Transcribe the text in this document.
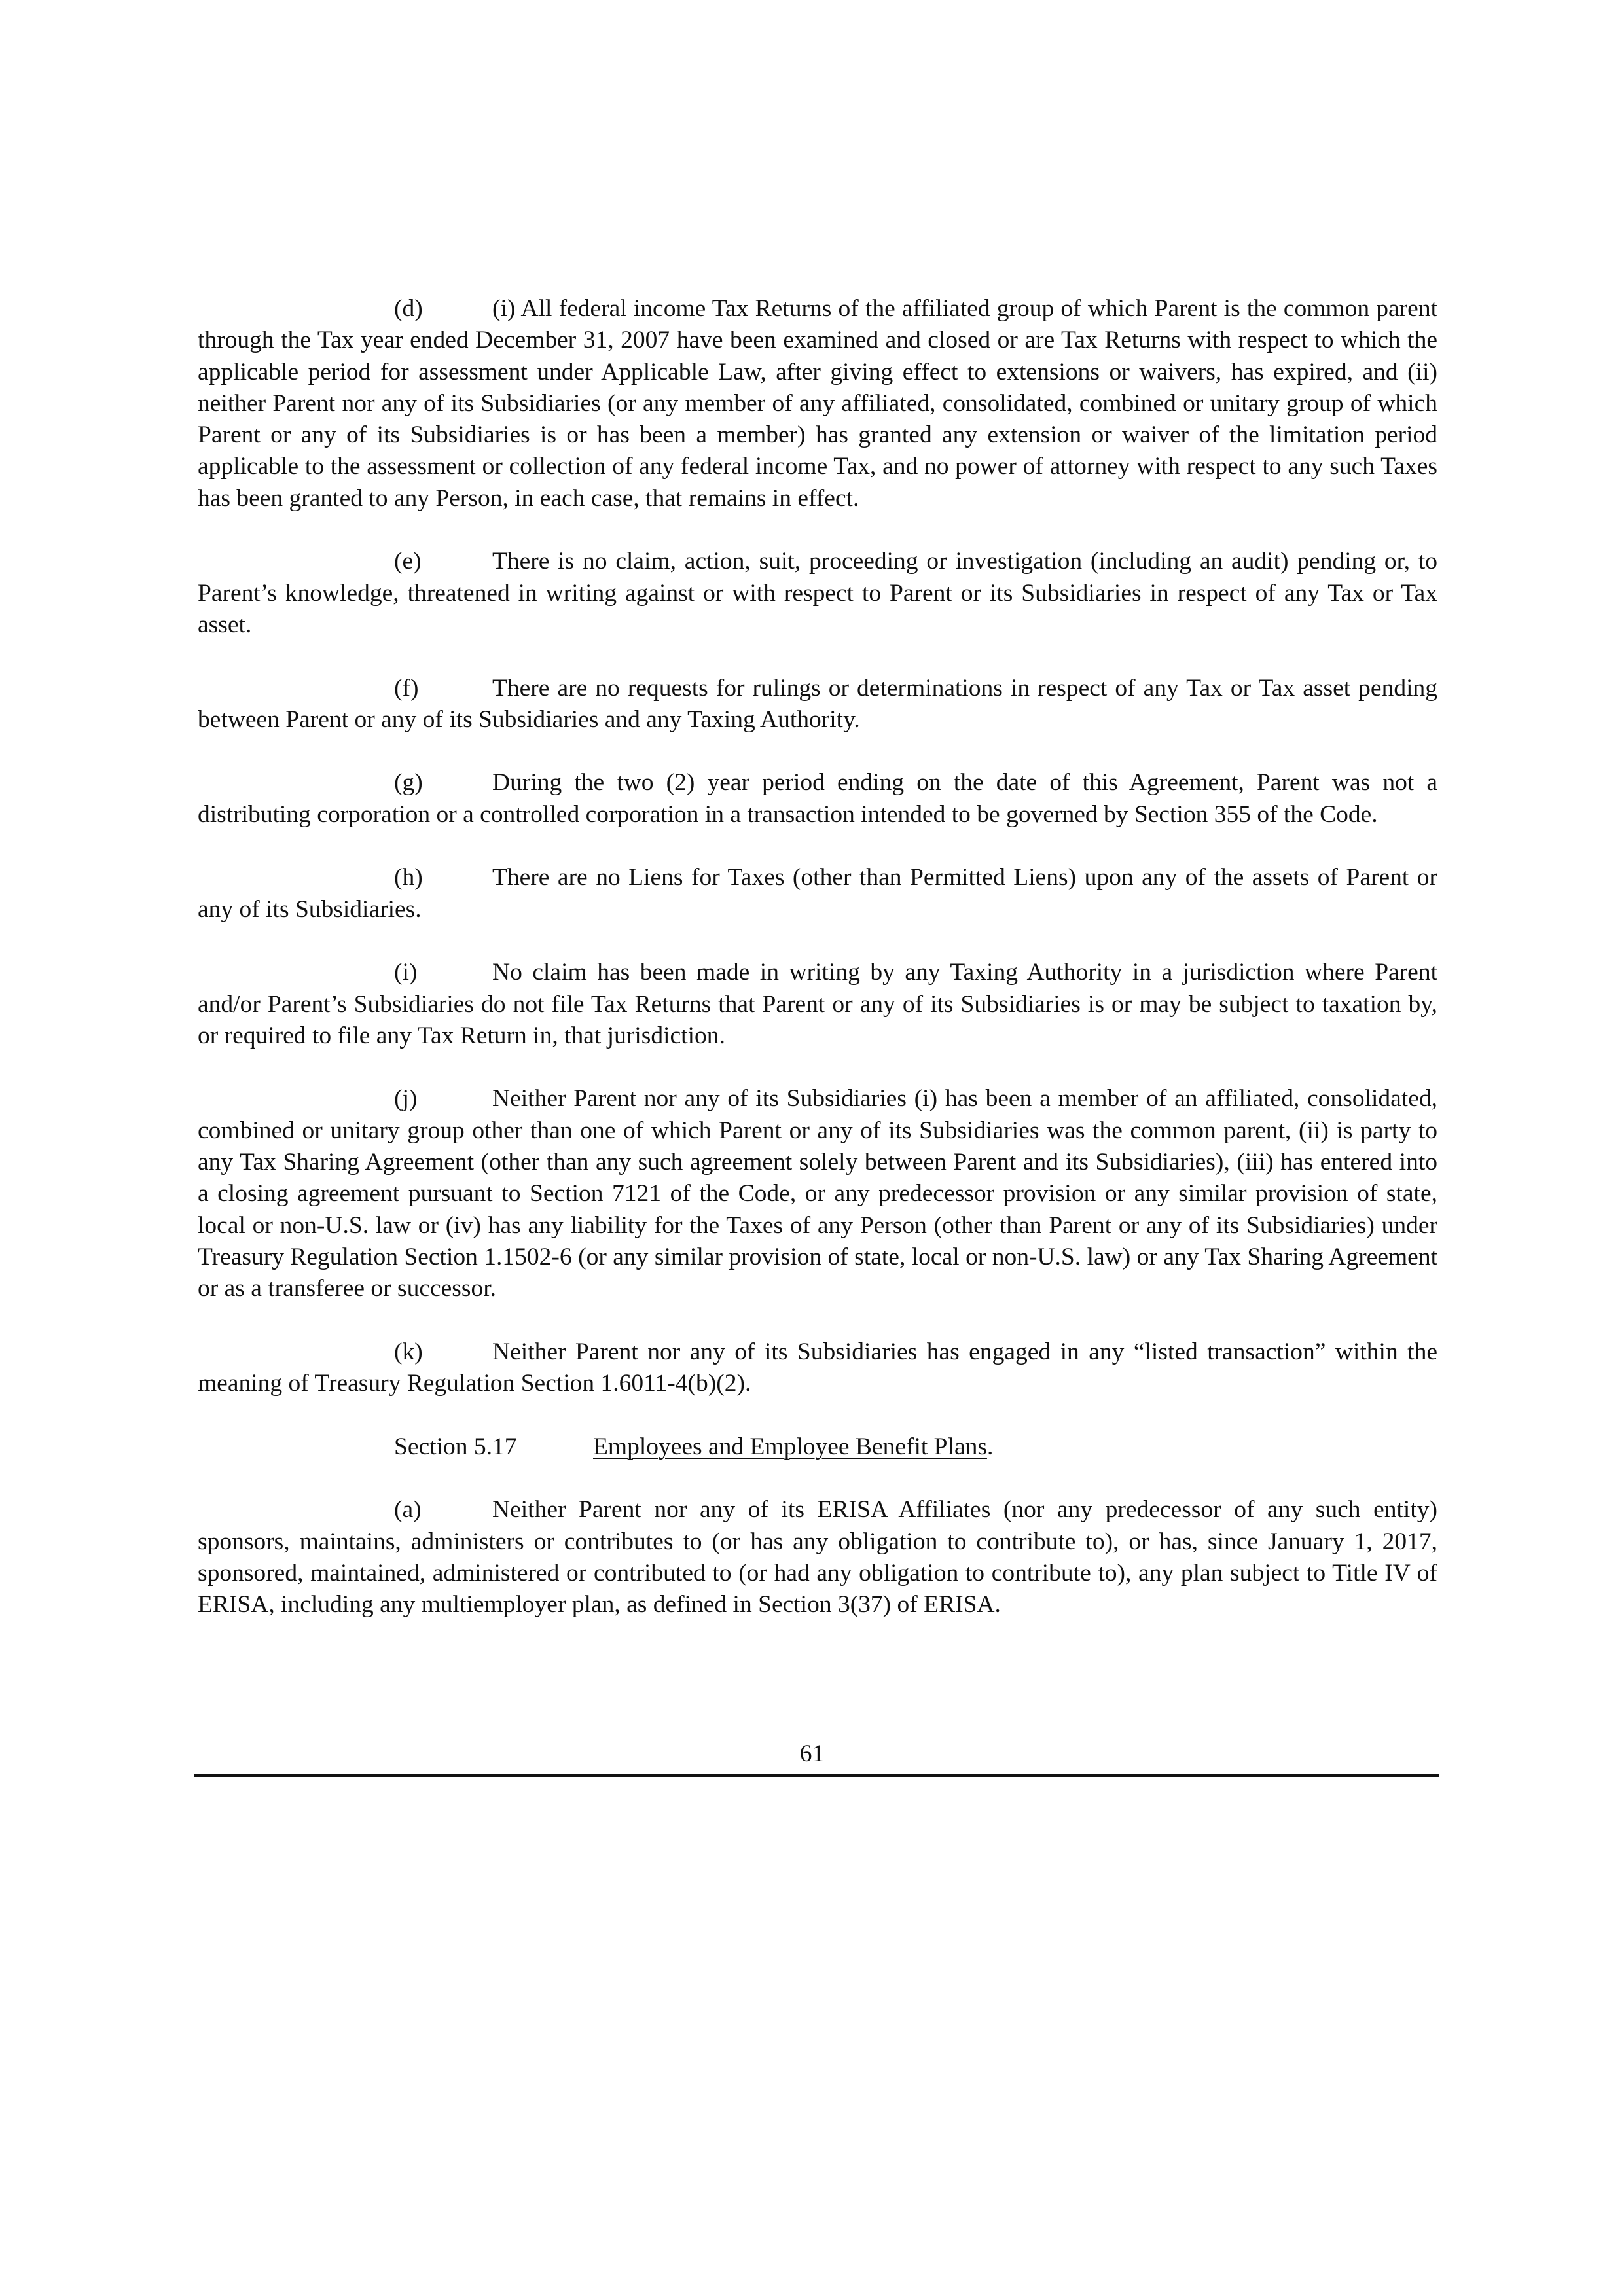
(d)	(i) All federal income Tax Returns of the affiliated group of which Parent is the common parent through the Tax year ended December 31, 2007 have been examined and closed or are Tax Returns with respect to which the applicable period for assessment under Applicable Law, after giving effect to extensions or waivers, has expired, and (ii) neither Parent nor any of its Subsidiaries (or any member of any affiliated, consolidated, combined or unitary group of which Parent or any of its Subsidiaries is or has been a member) has granted any extension or waiver of the limitation period applicable to the assessment or collection of any federal income Tax, and no power of attorney with respect to any such Taxes has been granted to any Person, in each case, that remains in effect.

(e)	There is no claim, action, suit, proceeding or investigation (including an audit) pending or, to Parent’s knowledge, threatened in writing against or with respect to Parent or its Subsidiaries in respect of any Tax or Tax asset.

(f)	There are no requests for rulings or determinations in respect of any Tax or Tax asset pending between Parent or any of its Subsidiaries and any Taxing Authority.

(g)	During the two (2) year period ending on the date of this Agreement, Parent was not a distributing corporation or a controlled corporation in a transaction intended to be governed by Section 355 of the Code.

(h)	There are no Liens for Taxes (other than Permitted Liens) upon any of the assets of Parent or any of its Subsidiaries.

(i)	No claim has been made in writing by any Taxing Authority in a jurisdiction where Parent and/or Parent’s Subsidiaries do not file Tax Returns that Parent or any of its Subsidiaries is or may be subject to taxation by, or required to file any Tax Return in, that jurisdiction.

(j)	Neither Parent nor any of its Subsidiaries (i) has been a member of an affiliated, consolidated, combined or unitary group other than one of which Parent or any of its Subsidiaries was the common parent, (ii) is party to any Tax Sharing Agreement (other than any such agreement solely between Parent and its Subsidiaries), (iii) has entered into a closing agreement pursuant to Section 7121 of the Code, or any predecessor provision or any similar provision of state, local or non-U.S. law or (iv) has any liability for the Taxes of any Person (other than Parent or any of its Subsidiaries) under Treasury Regulation Section 1.1502-6 (or any similar provision of state, local or non-U.S. law) or any Tax Sharing Agreement or as a transferee or successor.

(k)	Neither Parent nor any of its Subsidiaries has engaged in any “listed transaction” within the meaning of Treasury Regulation Section 1.6011-4(b)(2).

Section 5.17	Employees and Employee Benefit Plans.

(a)	Neither Parent nor any of its ERISA Affiliates (nor any predecessor of any such entity) sponsors, maintains, administers or contributes to (or has any obligation to contribute to), or has, since January 1, 2017, sponsored, maintained, administered or contributed to (or had any obligation to contribute to), any plan subject to Title IV of ERISA, including any multiemployer plan, as defined in Section 3(37) of ERISA.

61
